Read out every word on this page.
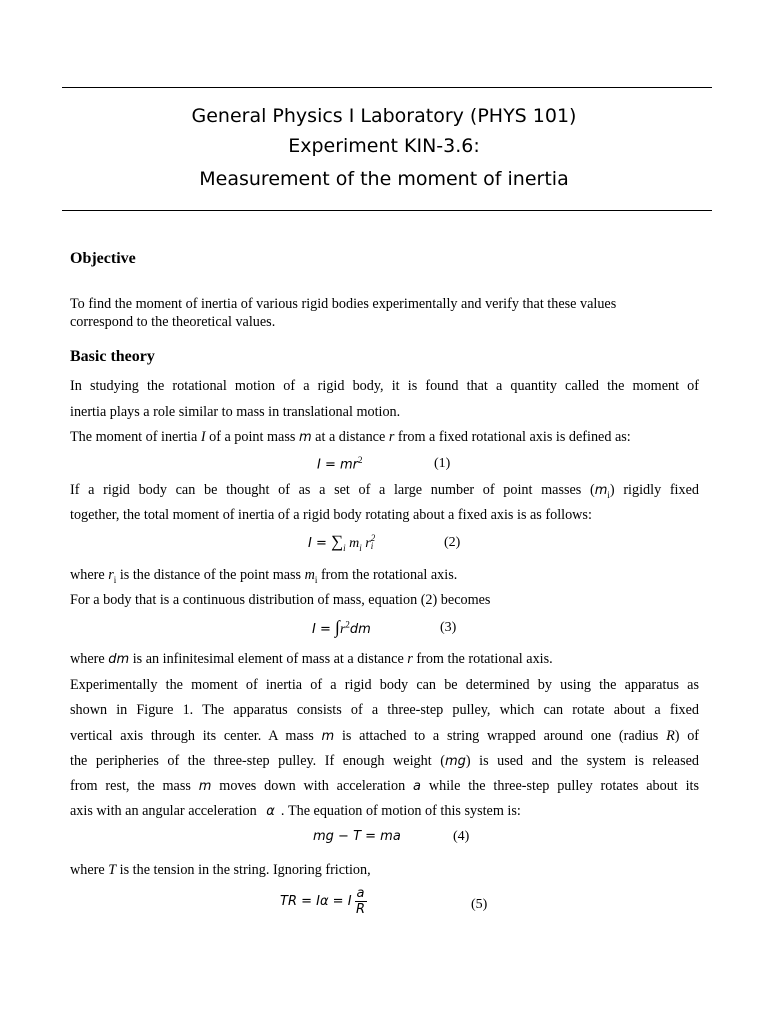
General Physics I Laboratory (PHYS 101)
Experiment KIN-3.6:
Measurement of the moment of inertia
Objective
To find the moment of inertia of various rigid bodies experimentally and verify that these values
correspond to the theoretical values.
Basic theory
In studying the rotational motion of a rigid body, it is found that a quantity called the moment of
inertia plays a role similar to mass in translational motion.
The moment of inertia I of a point mass m at a distance r from a fixed rotational axis is defined as:
$I = mr^2$	(1)
If a rigid body can be thought of as a set of a large number of point masses $(m_i)$ rigidly fixed
together, the total moment of inertia of a rigid body rotating about a fixed axis is as follows:
$I = \sum_i$ $m_i$ r 2
i	(2)
where $r_i$ is the distance of the point mass $m_i$ from the rotational axis.
For a body that is a continuous distribution of mass, equation (2) becomes
$I = \int r^2dm$	(3)
where dm is an infinitesimal element of mass at a distance r from the rotational axis.
Experimentally the moment of inertia of a rigid body can be determined by using the apparatus as
shown in Figure 1. The apparatus consists of a three-step pulley, which can rotate about a fixed
vertical axis through its center. A mass m is attached to a string wrapped around one (radius R) of
the peripheries of the three-step pulley. If enough weight (mg) is used and the system is released
from rest, the mass m moves down with acceleration a while the three-step pulley rotates about its
axis with an angular acceleration α . The equation of motion of this system is:
mg − T = ma	(4)
where T is the tension in the string. Ignoring friction,
TR = Iα = I
a
R	(5)
